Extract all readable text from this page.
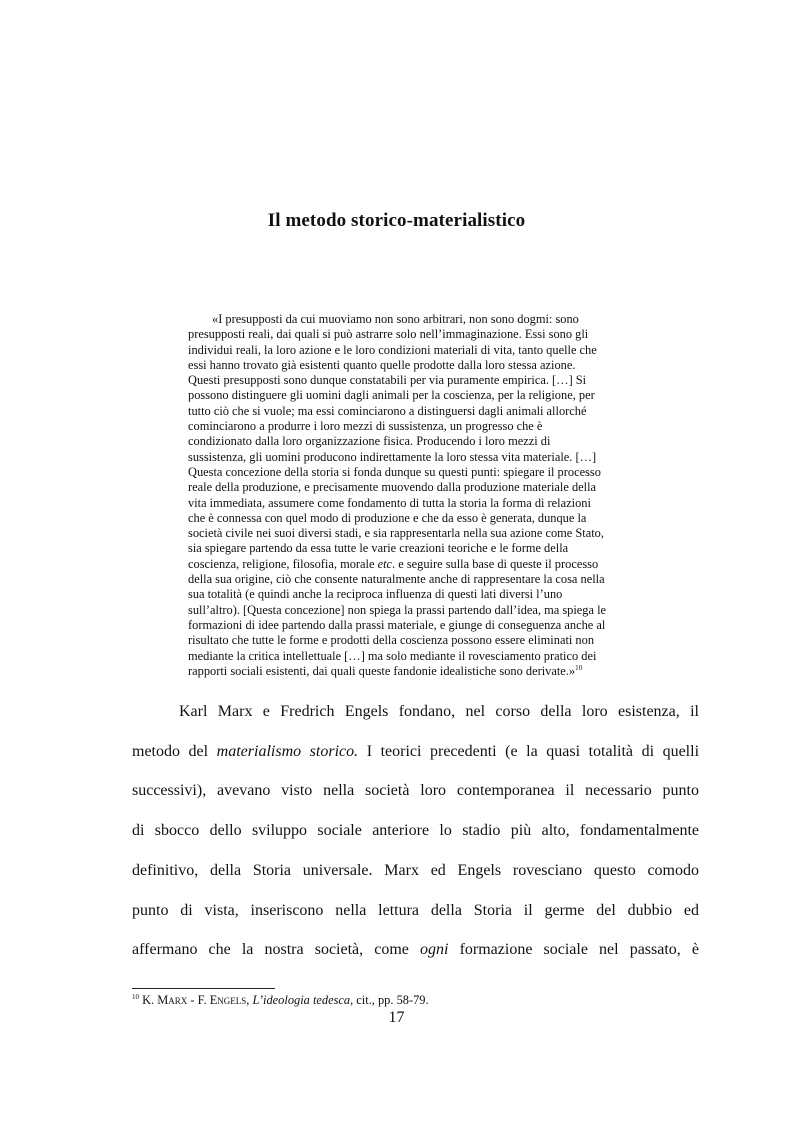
Il metodo storico-materialistico
«I presupposti da cui muoviamo non sono arbitrari, non sono dogmi: sono
presupposti reali, dai quali si può astrarre solo nell’immaginazione. Essi sono gli
individui reali, la loro azione e le loro condizioni materiali di vita, tanto quelle che
essi hanno trovato già esistenti quanto quelle prodotte dalla loro stessa azione.
Questi presupposti sono dunque constatabili per via puramente empirica. […] Si
possono distinguere gli uomini dagli animali per la coscienza, per la religione, per
tutto ciò che si vuole; ma essi cominciarono a distinguersi dagli animali allorché
cominciarono a produrre i loro mezzi di sussistenza, un progresso che è
condizionato dalla loro organizzazione fisica. Producendo i loro mezzi di
sussistenza, gli uomini producono indirettamente la loro stessa vita materiale. […]
Questa concezione della storia si fonda dunque su questi punti: spiegare il processo
reale della produzione, e precisamente muovendo dalla produzione materiale della
vita immediata, assumere come fondamento di tutta la storia la forma di relazioni
che è connessa con quel modo di produzione e che da esso è generata, dunque la
società civile nei suoi diversi stadi, e sia rappresentarla nella sua azione come Stato,
sia spiegare partendo da essa tutte le varie creazioni teoriche e le forme della
coscienza, religione, filosofia, morale etc. e seguire sulla base di queste il processo
della sua origine, ciò che consente naturalmente anche di rappresentare la cosa nella
sua totalità (e quindi anche la reciproca influenza di questi lati diversi l’uno
sull’altro). [Questa concezione] non spiega la prassi partendo dall’idea, ma spiega le
formazioni di idee partendo dalla prassi materiale, e giunge di conseguenza anche al
risultato che tutte le forme e prodotti della coscienza possono essere eliminati non
mediante la critica intellettuale […] ma solo mediante il rovesciamento pratico dei
rapporti sociali esistenti, dai quali queste fandonie idealistiche sono derivate.»$^{10}$
Karl Marx e Fredrich Engels fondano, nel corso della loro esistenza, il
metodo del materialismo storico. I teorici precedenti (e la quasi totalità di quelli
successivi), avevano visto nella società loro contemporanea il necessario punto
di sbocco dello sviluppo sociale anteriore lo stadio più alto, fondamentalmente
definitivo, della Storia universale. Marx ed Engels rovesciano questo comodo
punto di vista, inseriscono nella lettura della Storia il germe del dubbio ed
affermano che la nostra società, come ogni formazione sociale nel passato, è
$^{10}$ K. Marx - F. Engels, L’ideologia tedesca, cit., pp. 58-79.
17
